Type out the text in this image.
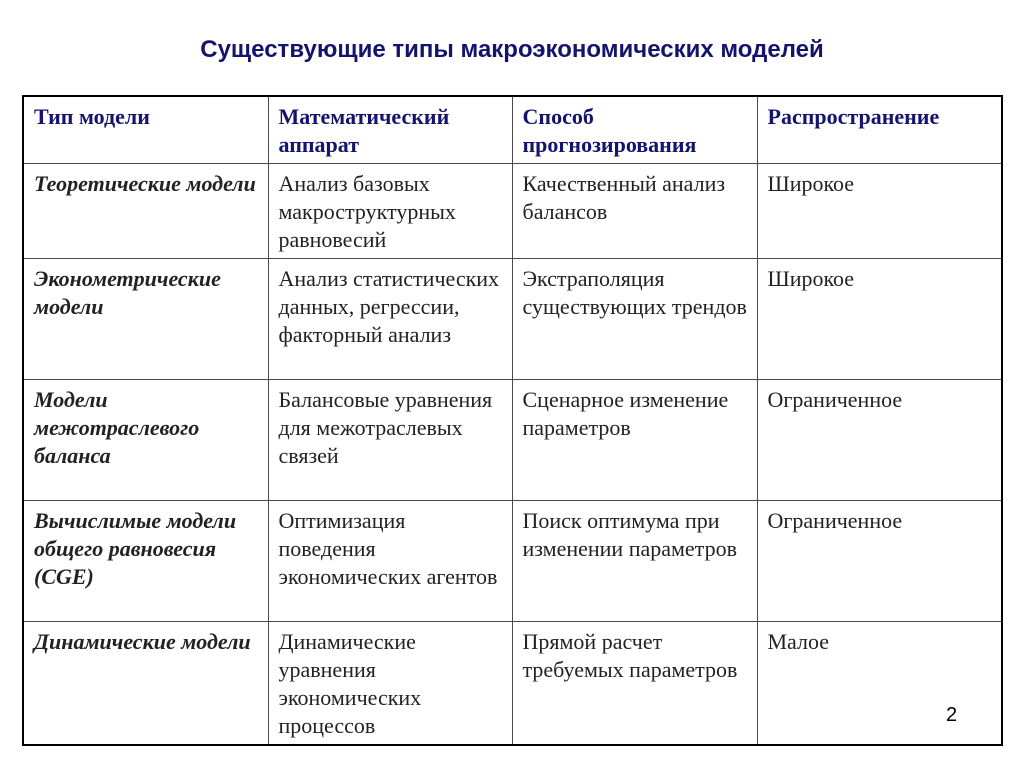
Существующие типы макроэкономических моделей
Тип модели	Математический аппарат	Способ прогнозирования	Распространение
Теоретические модели	Анализ базовых макроструктурных равновесий	Качественный анализ балансов	Широкое
Эконометрические модели	Анализ статистических данных, регрессии, факторный анализ	Экстраполяция существующих трендов	Широкое
Модели межотраслевого баланса	Балансовые уравнения для межотраслевых связей	Сценарное изменение параметров	Ограниченное
Вычислимые модели общего равновесия (CGE)	Оптимизация поведения экономических агентов	Поиск оптимума при изменении параметров	Ограниченное
Динамические модели	Динамические уравнения экономических процессов	Прямой расчет требуемых параметров	Малое
2
